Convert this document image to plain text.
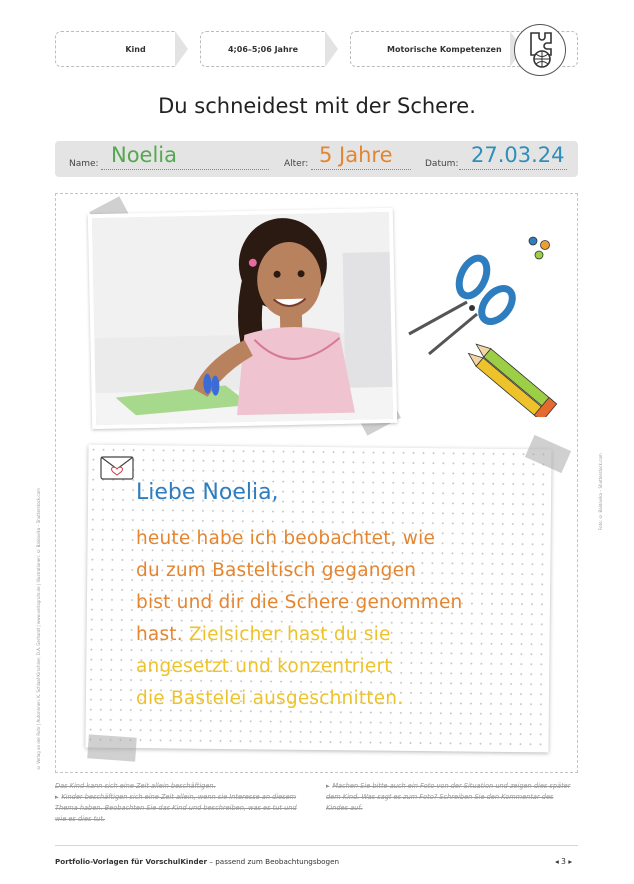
Kind	4;06–5;06 Jahre	Motorische Kompetenzen
Du schneidest mit der Schere.
Name: Noelia	Alter: 5 Jahre	Datum: 27.03.24
Liebe Noelia,
heute habe ich beobachtet, wie
du zum Basteltisch gegangen
bist und dir die Schere genommen
hast. Zielsicher hast du sie
angesetzt und konzentriert
die Bastelei ausgeschnitten.
© Verlag an der Ruhr | Autorinnen: K. Schlaaf-Kirschner, D.A. Gerhardt | www.verlagruhr.de | Illustrationen: © Baldovika – Shutterstock.com	Foto: © Baldovika – Shutterstock.com
Das Kind kann sich eine Zeit allein beschäftigen.
▸ Kinder beschäftigen sich eine Zeit allein, wenn sie Interesse an diesem Thema haben. Beobachten Sie das Kind und beschreiben, was es tut und wie es dies tut.
▸ Machen Sie bitte auch ein Foto von der Situation und zeigen dies später dem Kind. Was sagt es zum Foto? Schreiben Sie den Kommentar des Kindes auf.
Portfolio-Vorlagen für VorschulKinder – passend zum Beobachtungsbogen	◂ 3 ▸
